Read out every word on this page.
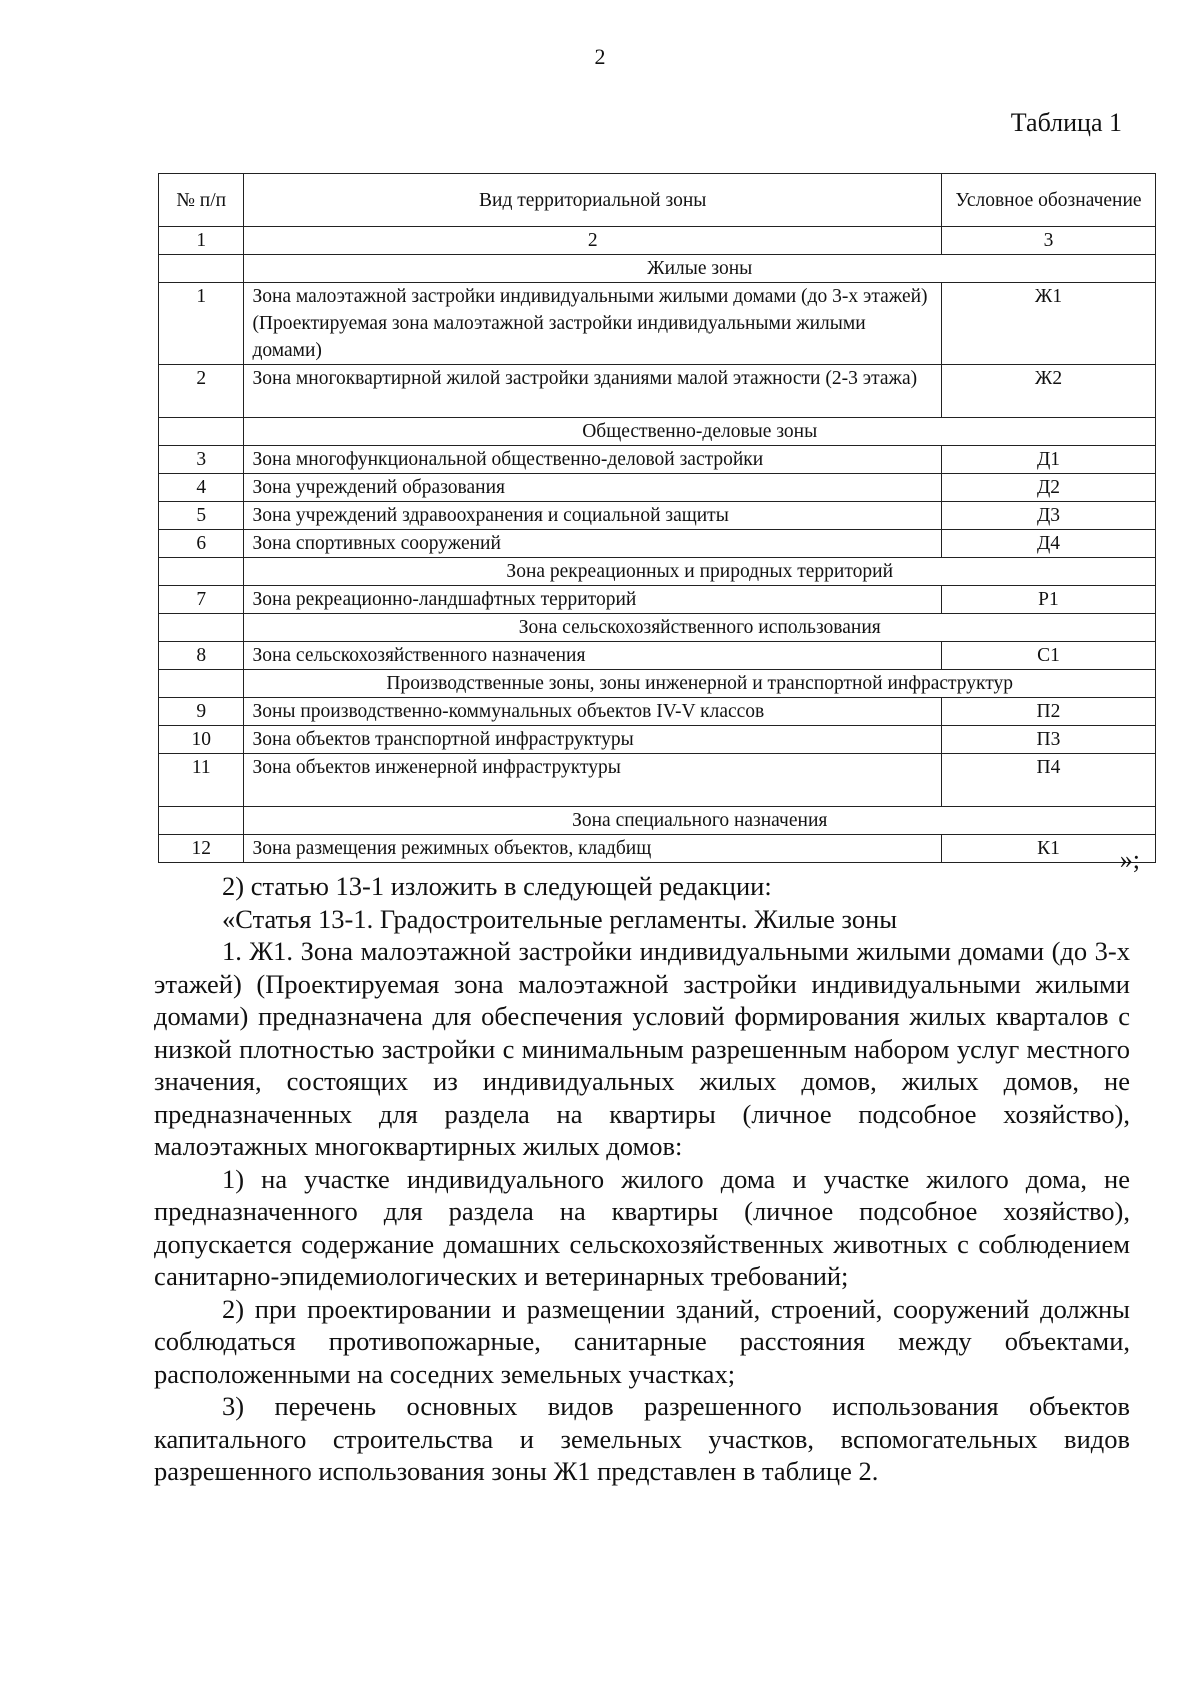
2
Таблица 1
№ п/п	Вид территориальной зоны	Условное обозначение
1	2	3
	Жилые зоны	
1	Зона малоэтажной застройки индивидуальными жилыми домами (до 3-х этажей) (Проектируемая зона малоэтажной застройки индивидуальными жилыми домами)	Ж1
2	Зона многоквартирной жилой застройки зданиями малой этажности (2-3 этажа)	Ж2
	Общественно-деловые зоны	
3	Зона многофункциональной общественно-деловой застройки	Д1
4	Зона учреждений образования	Д2
5	Зона учреждений здравоохранения и социальной защиты	Д3
6	Зона спортивных сооружений	Д4
	Зона рекреационных и природных территорий	
7	Зона рекреационно-ландшафтных территорий	Р1
	Зона сельскохозяйственного использования	
8	Зона сельскохозяйственного назначения	С1
	Производственные зоны, зоны инженерной и транспортной инфраструктур	
9	Зоны производственно-коммунальных объектов IV-V классов	П2
10	Зона объектов транспортной инфраструктуры	П3
11	Зона объектов инженерной инфраструктуры	П4
	Зона специального назначения	
12	Зона размещения режимных объектов, кладбищ	К1 »;

2) статью 13-1 изложить в следующей редакции:

«Статья 13-1. Градостроительные регламенты. Жилые зоны

1. Ж1. Зона малоэтажной застройки индивидуальными жилыми домами (до 3-х этажей) (Проектируемая зона малоэтажной застройки индивидуальными жилыми домами) предназначена для обеспечения условий формирования жилых кварталов с низкой плотностью застройки с минимальным разрешенным набором услуг местного значения, состоящих из индивидуальных жилых домов, жилых домов, не предназначенных для раздела на квартиры (личное подсобное хозяйство), малоэтажных многоквартирных жилых домов:

1) на участке индивидуального жилого дома и участке жилого дома, не предназначенного для раздела на квартиры (личное подсобное хозяйство), допускается содержание домашних сельскохозяйственных животных с соблюдением санитарно-эпидемиологических и ветеринарных требований;

2) при проектировании и размещении зданий, строений, сооружений должны соблюдаться противопожарные, санитарные расстояния между объектами, расположенными на соседних земельных участках;

3) перечень основных видов разрешенного использования объектов капитального строительства и земельных участков, вспомогательных видов разрешенного использования зоны Ж1 представлен в таблице 2.
